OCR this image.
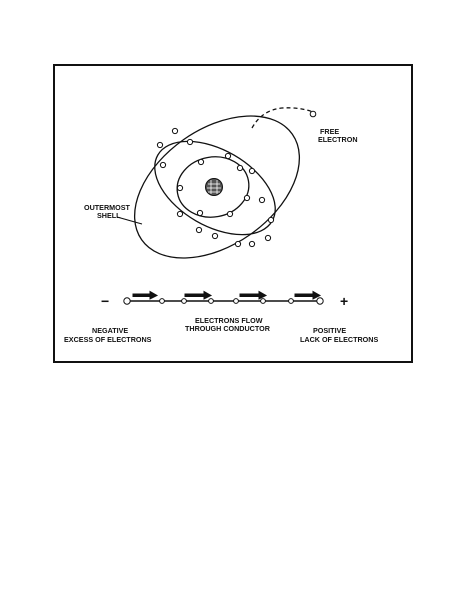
FREE
ELECTRON
OUTERMOST
SHELL
−	+
NEGATIVE
EXCESS OF ELECTRONS
ELECTRONS FLOW
THROUGH CONDUCTOR	POSITIVE
LACK OF ELECTRONS
